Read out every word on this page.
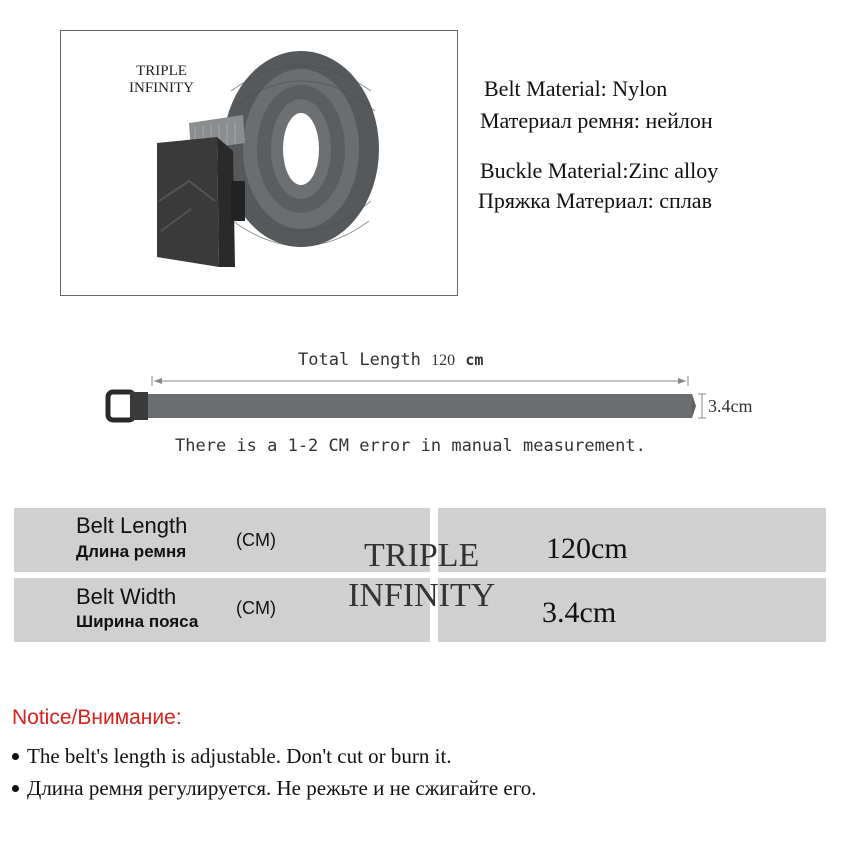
TRIPLE
INFINITY	Belt Material: Nylon
Материал ремня: нейлон
Buckle Material:Zinc alloy
Пряжка Материал: сплав
Total Length 120 cm
3.4cm
There is a 1-2 CM error in manual measurement.
Belt Length
Длина ремня
(CM)	120cm
Belt Width
Ширина пояса
(CM)	3.4cm
TRIPLE
INFINITY
Notice/Внимание:
The belt's length is adjustable. Don't cut or burn it.
Длина ремня регулируется. Не режьте и не сжигайте его.
